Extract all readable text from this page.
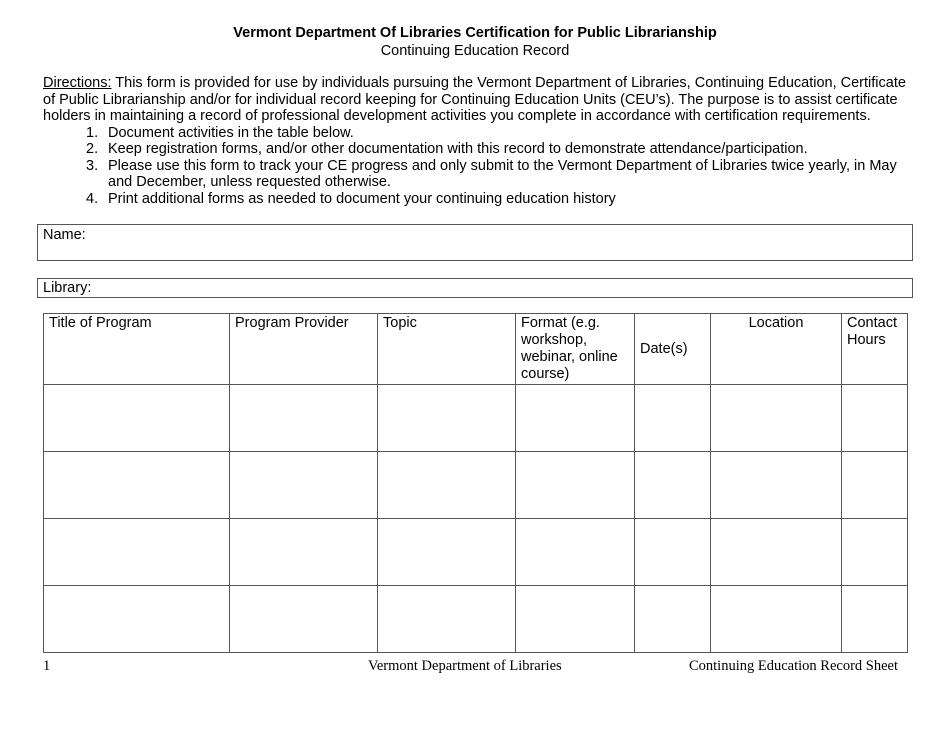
Vermont Department Of Libraries Certification for Public Librarianship
Continuing Education Record
Directions: This form is provided for use by individuals pursuing the Vermont Department of Libraries, Continuing Education, Certificate of Public Librarianship and/or for individual record keeping for Continuing Education Units (CEU’s). The purpose is to assist certificate holders in maintaining a record of professional development activities you complete in accordance with certification requirements.
1. Document activities in the table below.
2. Keep registration forms, and/or other documentation with this record to demonstrate attendance/participation.
3. Please use this form to track your CE progress and only submit to the Vermont Department of Libraries twice yearly, in May and December, unless requested otherwise.
4. Print additional forms as needed to document your continuing education history
Name:
Library:
Title of Program	Program Provider	Topic	Format (e.g. workshop, webinar, online course)	Date(s)	Location	Contact Hours

1	Vermont Department of Libraries	Continuing Education Record Sheet
